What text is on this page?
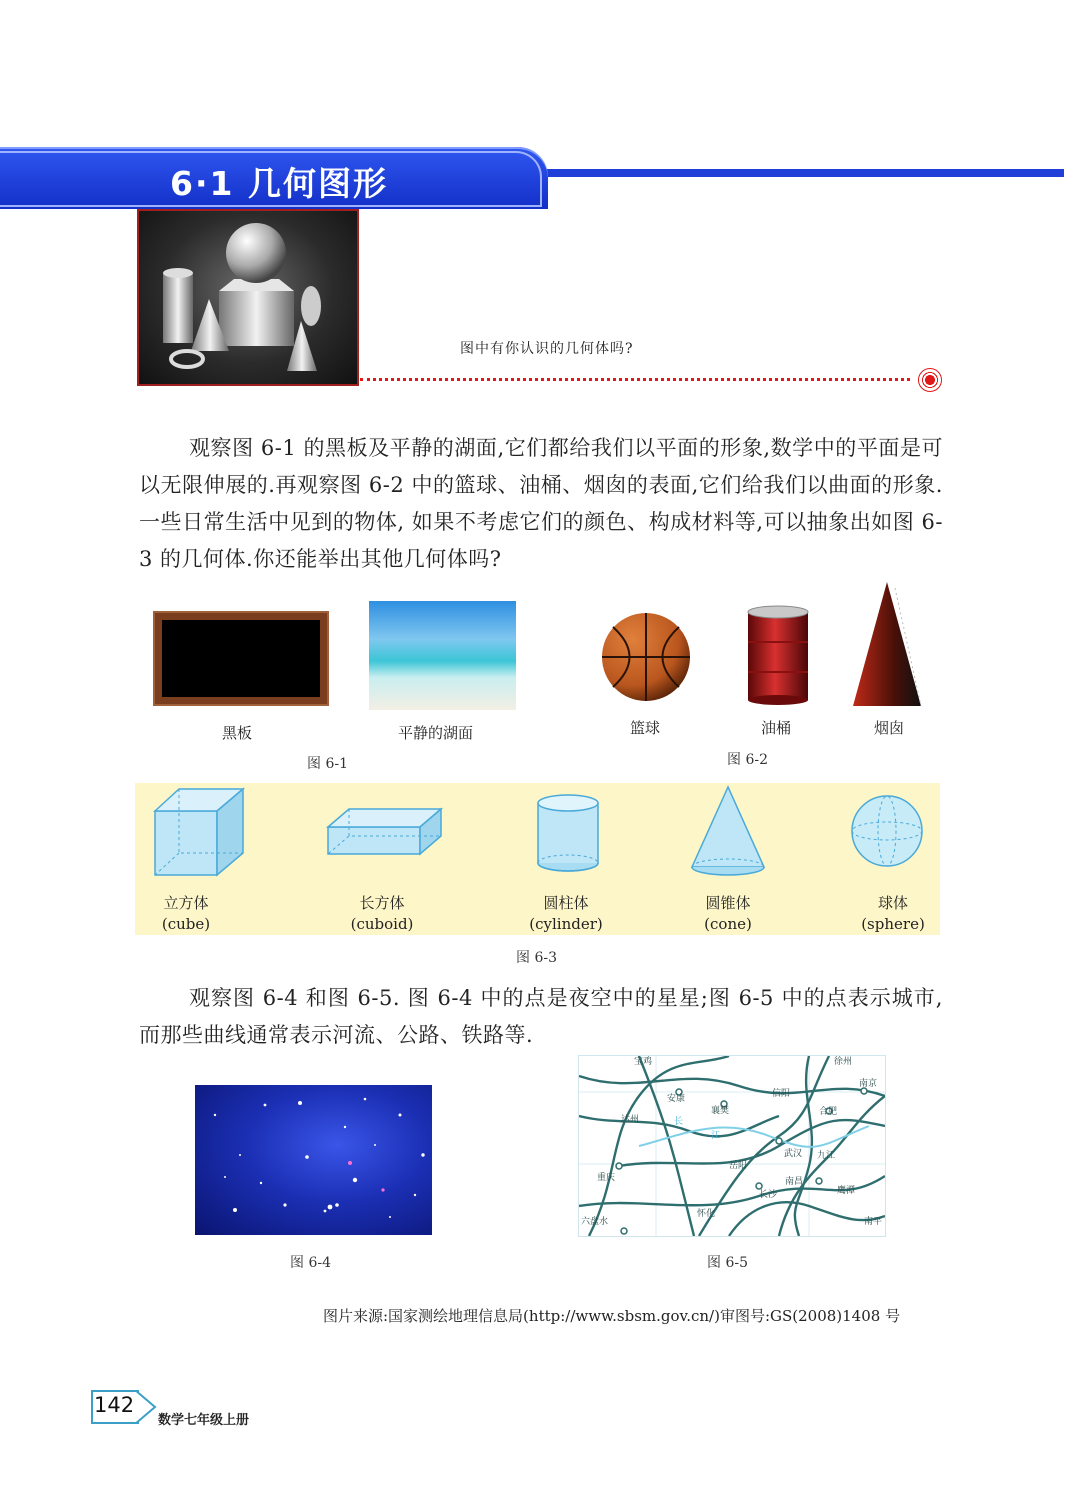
6·1 几何图形
图中有你认识的几何体吗?

观察图 6-1 的黑板及平静的湖面,它们都给我们以平面的形象,数学中的平面是可以无限伸展的.再观察图 6-2 中的篮球、油桶、烟囱的表面,它们给我们以曲面的形象. 一些日常生活中见到的物体, 如果不考虑它们的颜色、构成材料等,可以抽象出如图 6-3 的几何体.你还能举出其他几何体吗?

黑板	平静的湖面
图 6-1
篮球	油桶	烟囱
图 6-2
立方体
(cube)
长方体
(cuboid)
圆柱体
(cylinder)
圆锥体
(cone)
球体
(sphere)
图 6-3

观察图 6-4 和图 6-5. 图 6-4 中的点是夜空中的星星;图 6-5 中的点表示城市,而那些曲线通常表示河流、公路、铁路等.

图 6-4
宝鸡	徐州
安康
襄樊
信阳
合肥
南京
达州	长
江
武汉 九江
重庆
岳阳
南昌
长沙	鹰潭
六盘水
怀化
南平
图 6-5
图片来源:国家测绘地理信息局(http://www.sbsm.gov.cn/)审图号:GS(2008)1408 号
142
数学七年级上册
